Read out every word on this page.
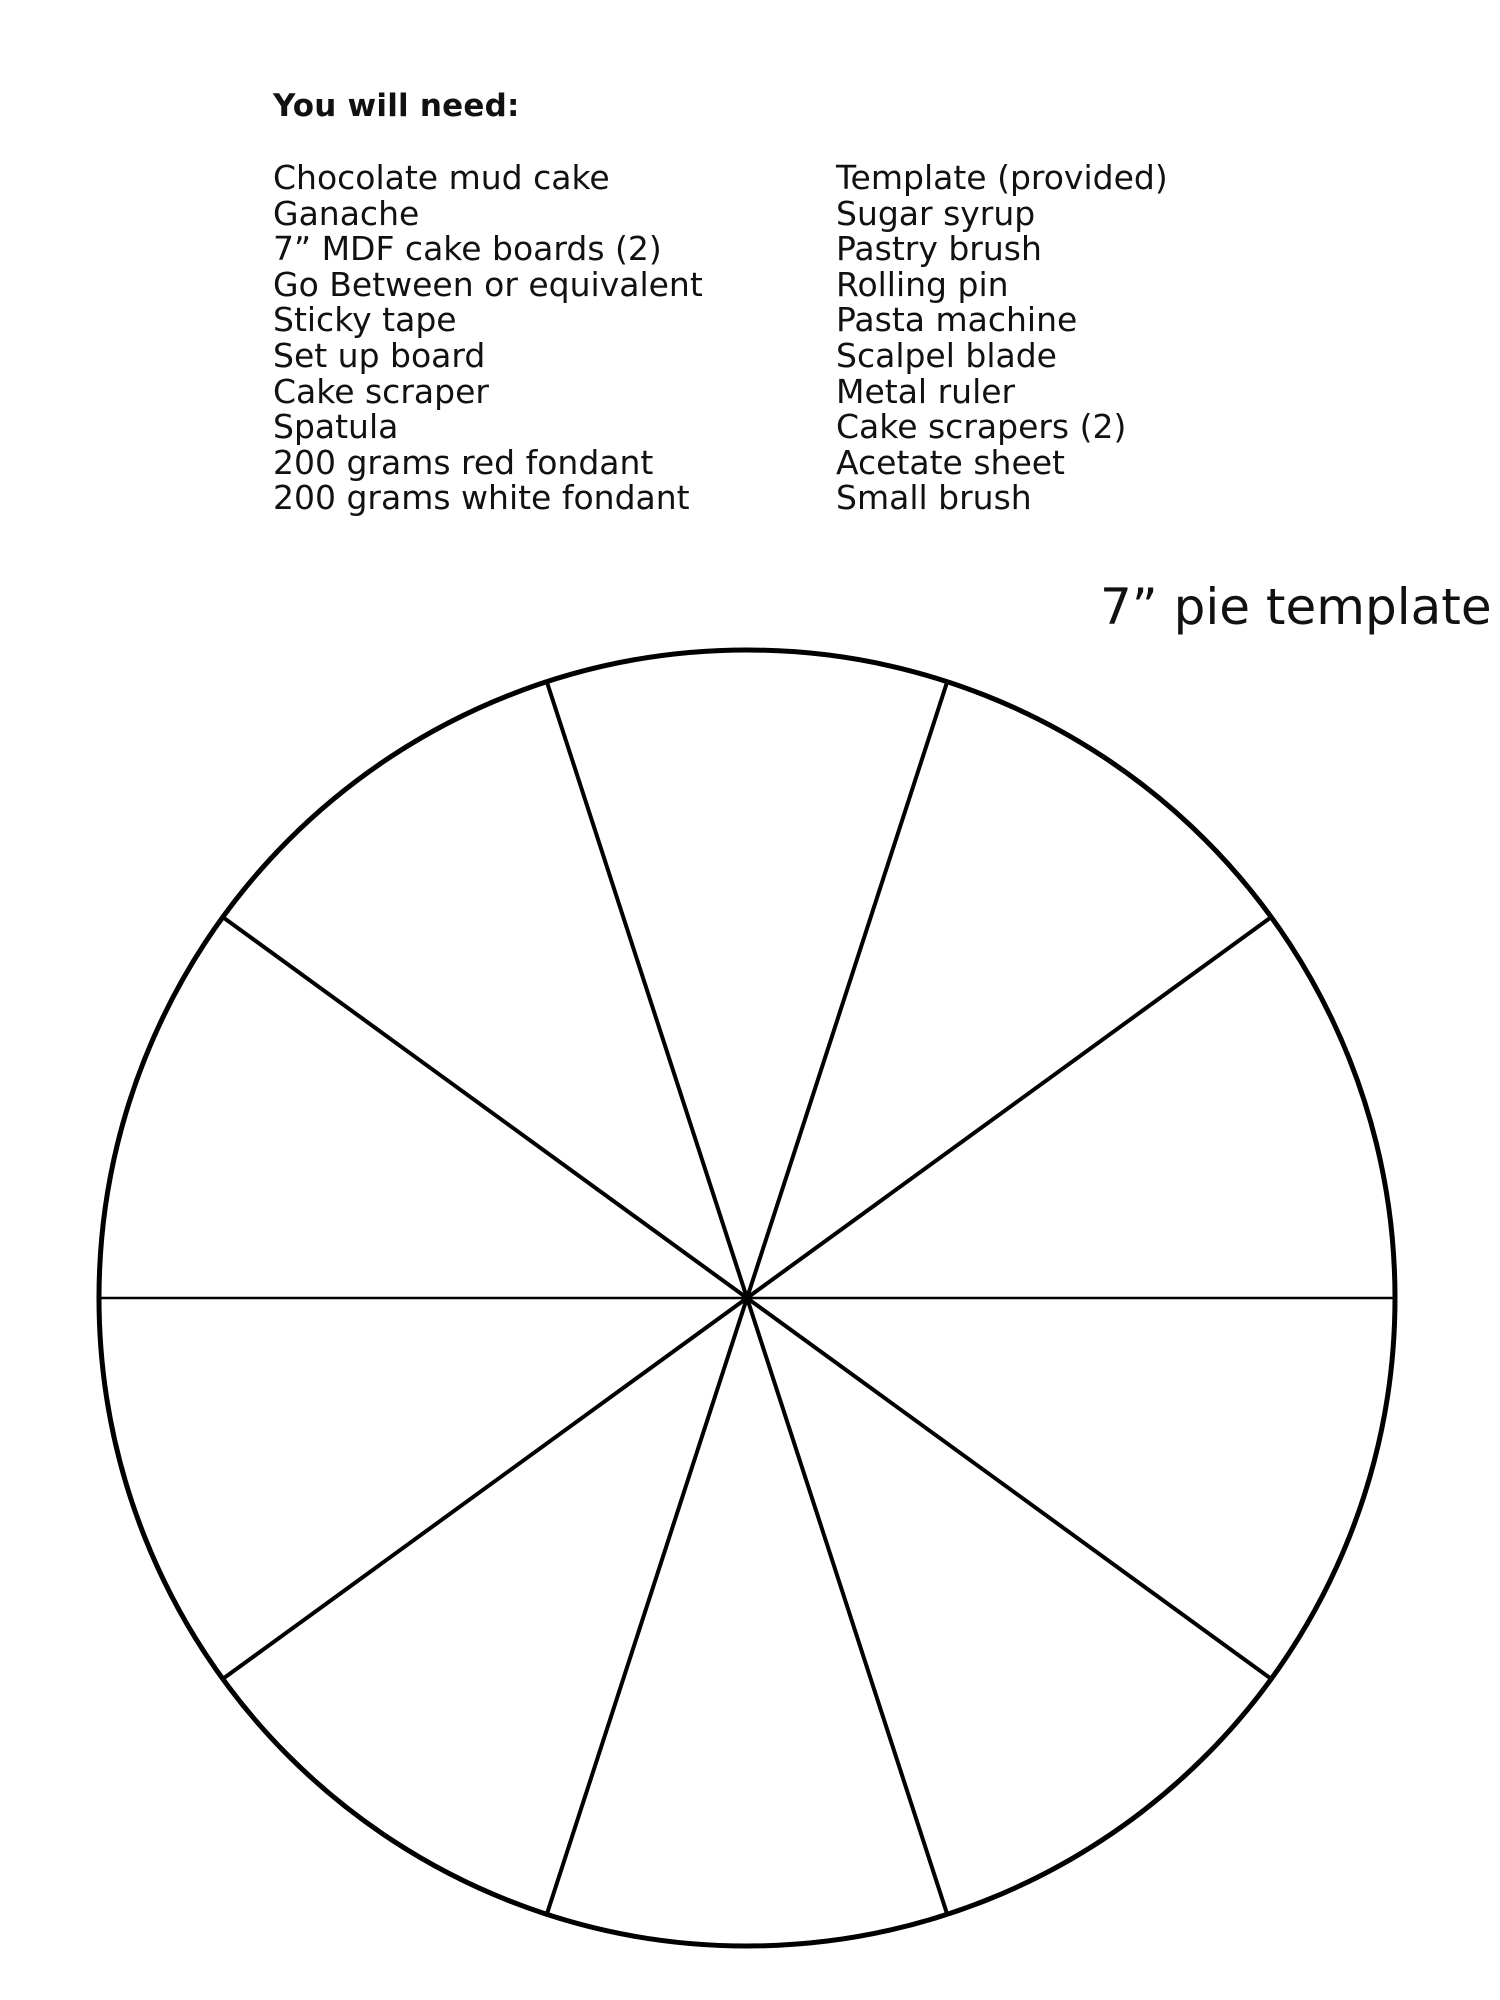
You will need:
Chocolate mud cake
Ganache
7” MDF cake boards (2)
Go Between or equivalent
Sticky tape
Set up board
Cake scraper
Spatula
200 grams red fondant
200 grams white fondant
Template (provided)
Sugar syrup
Pastry brush
Rolling pin
Pasta machine
Scalpel blade
Metal ruler
Cake scrapers (2)
Acetate sheet
Small brush
7” pie template
